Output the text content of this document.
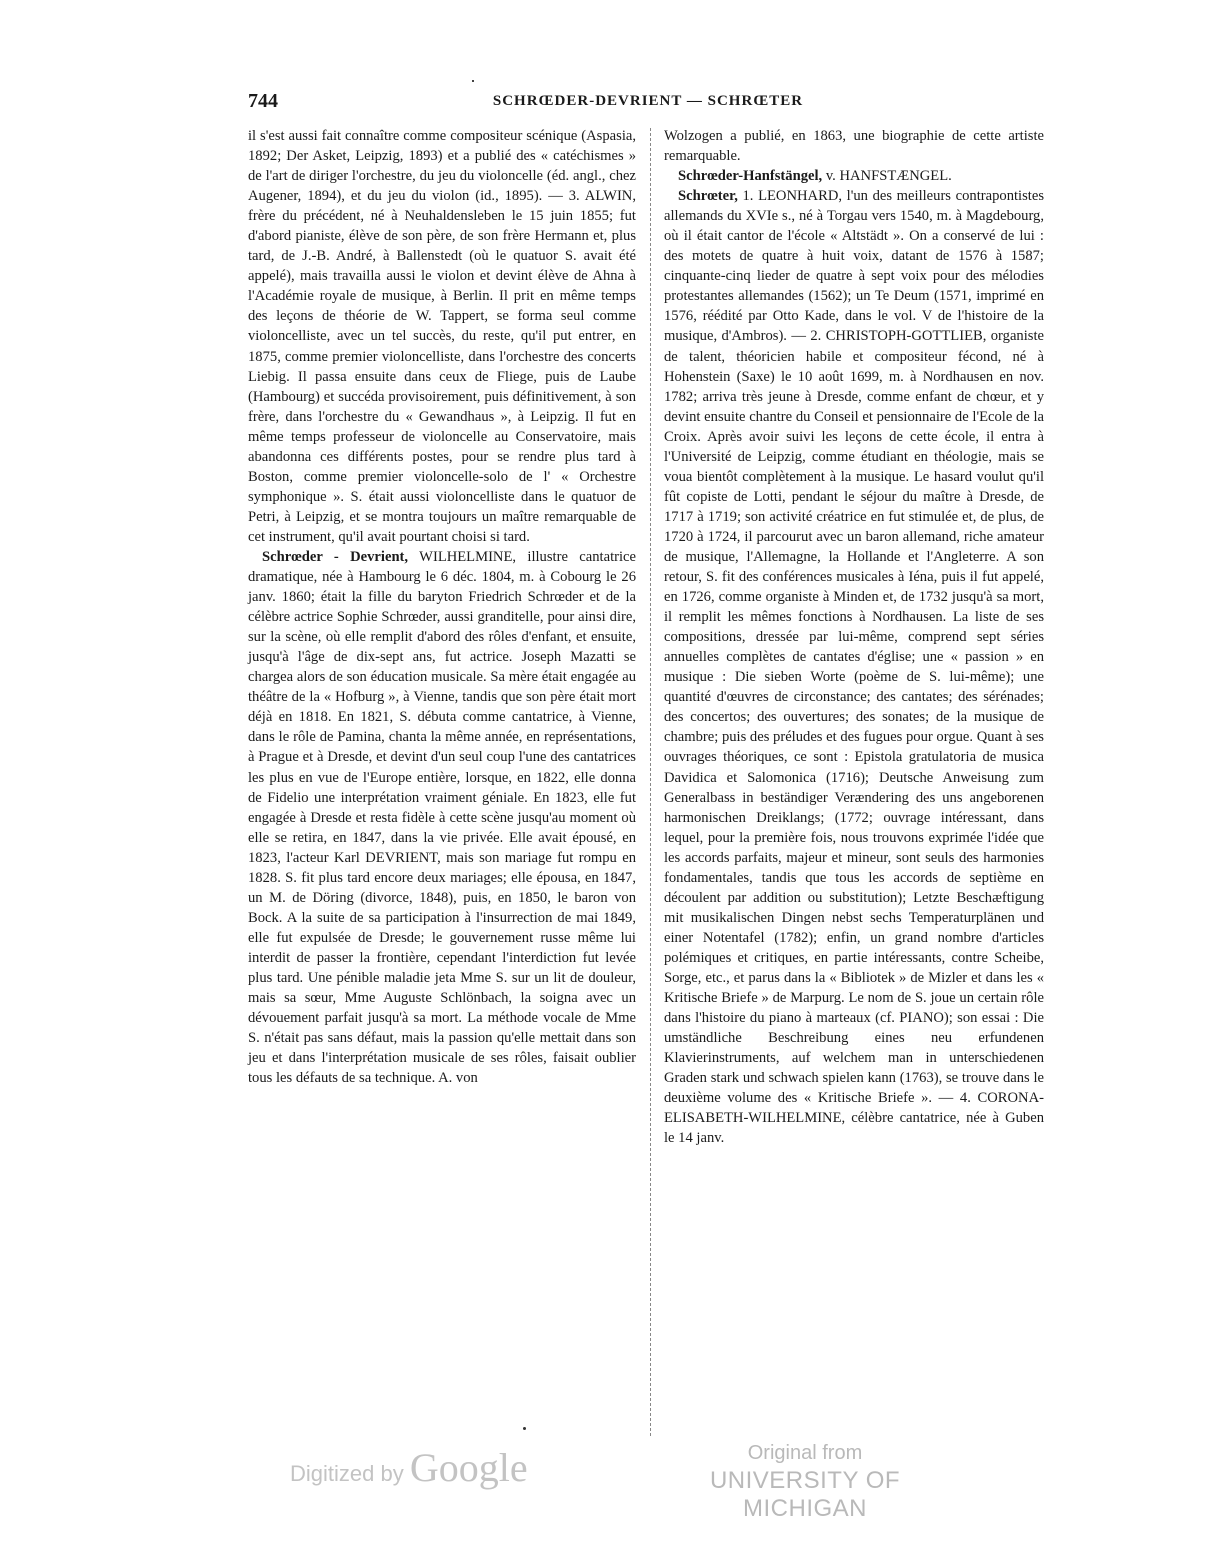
744	SCHRŒDER-DEVRIENT — SCHRŒTER

il s'est aussi fait connaître comme compositeur scénique (Aspasia, 1892; Der Asket, Leipzig, 1893) et a publié des « catéchismes » de l'art de diriger l'orchestre, du jeu du violoncelle (éd. angl., chez Augener, 1894), et du jeu du violon (id., 1895). — 3. ALWIN, frère du précédent, né à Neuhaldensleben le 15 juin 1855; fut d'abord pianiste, élève de son père, de son frère Hermann et, plus tard, de J.-B. André, à Ballenstedt (où le quatuor S. avait été appelé), mais travailla aussi le violon et devint élève de Ahna à l'Académie royale de musique, à Berlin. Il prit en même temps des leçons de théorie de W. Tappert, se forma seul comme violoncelliste, avec un tel succès, du reste, qu'il put entrer, en 1875, comme premier violoncelliste, dans l'orchestre des concerts Liebig. Il passa ensuite dans ceux de Fliege, puis de Laube (Hambourg) et succéda provisoirement, puis définitivement, à son frère, dans l'orchestre du « Gewandhaus », à Leipzig. Il fut en même temps professeur de violoncelle au Conservatoire, mais abandonna ces différents postes, pour se rendre plus tard à Boston, comme premier violoncelle-solo de l' « Orchestre symphonique ». S. était aussi violoncelliste dans le quatuor de Petri, à Leipzig, et se montra toujours un maître remarquable de cet instrument, qu'il avait pourtant choisi si tard.

Schrœder - Devrient, WILHELMINE, illustre cantatrice dramatique, née à Hambourg le 6 déc. 1804, m. à Cobourg le 26 janv. 1860; était la fille du baryton Friedrich Schrœder et de la célèbre actrice Sophie Schrœder, aussi granditelle, pour ainsi dire, sur la scène, où elle remplit d'abord des rôles d'enfant, et ensuite, jusqu'à l'âge de dix-sept ans, fut actrice. Joseph Mazatti se chargea alors de son éducation musicale. Sa mère était engagée au théâtre de la « Hofburg », à Vienne, tandis que son père était mort déjà en 1818. En 1821, S. débuta comme cantatrice, à Vienne, dans le rôle de Pamina, chanta la même année, en représentations, à Prague et à Dresde, et devint d'un seul coup l'une des cantatrices les plus en vue de l'Europe entière, lorsque, en 1822, elle donna de Fidelio une interprétation vraiment géniale. En 1823, elle fut engagée à Dresde et resta fidèle à cette scène jusqu'au moment où elle se retira, en 1847, dans la vie privée. Elle avait épousé, en 1823, l'acteur Karl DEVRIENT, mais son mariage fut rompu en 1828. S. fit plus tard encore deux mariages; elle épousa, en 1847, un M. de Döring (divorce, 1848), puis, en 1850, le baron von Bock. A la suite de sa participation à l'insurrection de mai 1849, elle fut expulsée de Dresde; le gouvernement russe même lui interdit de passer la frontière, cependant l'interdiction fut levée plus tard. Une pénible maladie jeta Mme S. sur un lit de douleur, mais sa sœur, Mme Auguste Schlönbach, la soigna avec un dévouement parfait jusqu'à sa mort. La méthode vocale de Mme S. n'était pas sans défaut, mais la passion qu'elle mettait dans son jeu et dans l'interprétation musicale de ses rôles, faisait oublier tous les défauts de sa technique. A. von

Wolzogen a publié, en 1863, une biographie de cette artiste remarquable.

Schrœder-Hanfstängel, v. HANFSTÆNGEL.

Schrœter, 1. LEONHARD, l'un des meilleurs contrapontistes allemands du XVIe s., né à Torgau vers 1540, m. à Magdebourg, où il était cantor de l'école « Altstädt ». On a conservé de lui : des motets de quatre à huit voix, datant de 1576 à 1587; cinquante-cinq lieder de quatre à sept voix pour des mélodies protestantes allemandes (1562); un Te Deum (1571, imprimé en 1576, réédité par Otto Kade, dans le vol. V de l'histoire de la musique, d'Ambros). — 2. CHRISTOPH-GOTTLIEB, organiste de talent, théoricien habile et compositeur fécond, né à Hohenstein (Saxe) le 10 août 1699, m. à Nordhausen en nov. 1782; arriva très jeune à Dresde, comme enfant de chœur, et y devint ensuite chantre du Conseil et pensionnaire de l'Ecole de la Croix. Après avoir suivi les leçons de cette école, il entra à l'Université de Leipzig, comme étudiant en théologie, mais se voua bientôt complètement à la musique. Le hasard voulut qu'il fût copiste de Lotti, pendant le séjour du maître à Dresde, de 1717 à 1719; son activité créatrice en fut stimulée et, de plus, de 1720 à 1724, il parcourut avec un baron allemand, riche amateur de musique, l'Allemagne, la Hollande et l'Angleterre. A son retour, S. fit des conférences musicales à Iéna, puis il fut appelé, en 1726, comme organiste à Minden et, de 1732 jusqu'à sa mort, il remplit les mêmes fonctions à Nordhausen. La liste de ses compositions, dressée par lui-même, comprend sept séries annuelles complètes de cantates d'église; une « passion » en musique : Die sieben Worte (poème de S. lui-même); une quantité d'œuvres de circonstance; des cantates; des sérénades; des concertos; des ouvertures; des sonates; de la musique de chambre; puis des préludes et des fugues pour orgue. Quant à ses ouvrages théoriques, ce sont : Epistola gratulatoria de musica Davidica et Salomonica (1716); Deutsche Anweisung zum Generalbass in beständiger Verændering des uns angeborenen harmonischen Dreiklangs; (1772; ouvrage intéressant, dans lequel, pour la première fois, nous trouvons exprimée l'idée que les accords parfaits, majeur et mineur, sont seuls des harmonies fondamentales, tandis que tous les accords de septième en découlent par addition ou substitution); Letzte Beschæftigung mit musikalischen Dingen nebst sechs Temperaturplänen und einer Notentafel (1782); enfin, un grand nombre d'articles polémiques et critiques, en partie intéressants, contre Scheibe, Sorge, etc., et parus dans la « Bibliotek » de Mizler et dans les « Kritische Briefe » de Marpurg. Le nom de S. joue un certain rôle dans l'histoire du piano à marteaux (cf. PIANO); son essai : Die umständliche Beschreibung eines neu erfundenen Klavierinstruments, auf welchem man in unterschiedenen Graden stark und schwach spielen kann (1763), se trouve dans le deuxième volume des « Kritische Briefe ». — 4. CORONA-ELISABETH-WILHELMINE, célèbre cantatrice, née à Guben le 14 janv.

Digitized by Google	Original from
UNIVERSITY OF MICHIGAN
